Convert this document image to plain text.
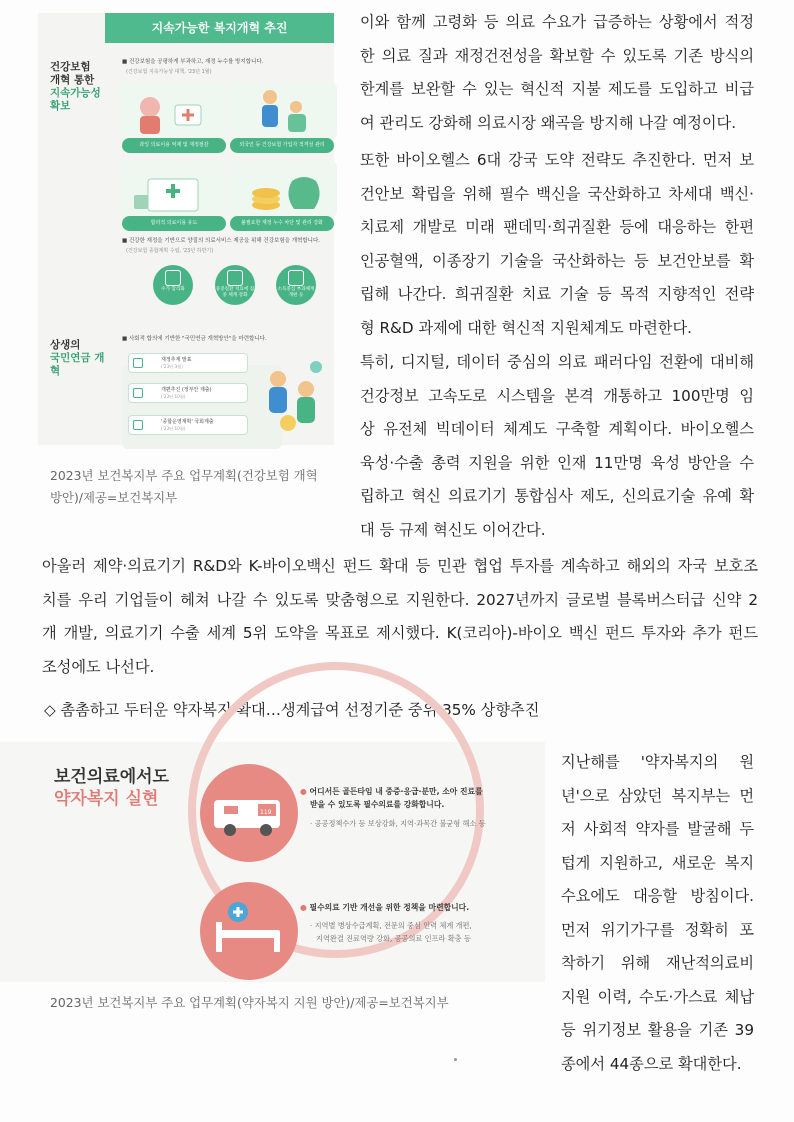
지속가능한 복지개혁 추진
건강보험
개혁 통한
지속가능성 확보
■ 건강보험을 공평하게 부과하고, 재정 누수를 방지합니다.
(건강보험 지속가능성 대책, '23년 1월)
과잉 의료이용 억제 및 재정절감	외국인 등 건강보험 가입자 적격성 관리
합리적 의료이용 유도	불필요한 재정 누수 차단 및 관리 강화
■ 건강한 재정을 기반으로 양질의 의료서비스 제공을 위해 건강보험을 개혁합니다.
(건강보험 종합계획 수립, '23년 하반기)
수가 합리화	중증질환 치료에 집중 체계 강화
소득중심 부과체계 개편 등
상생의
국민연금 개혁
■ 사회적 합의에 기반한 "국민연금 개혁방안"을 마련합니다.
재정추계 발표
('23년 3월)
개편추진 (정부안 제출)
('23년 10월)
'종합운영계획' 국회제출
('23년 10월)
2023년 보건복지부 주요 업무계획(건강보험 개혁
방안)/제공=보건복지부
이와 함께 고령화 등 의료 수요가 급증하는 상황에서 적정
한 의료 질과 재정건전성을 확보할 수 있도록 기존 방식의
한계를 보완할 수 있는 혁신적 지불 제도를 도입하고 비급
여 관리도 강화해 의료시장 왜곡을 방지해 나갈 예정이다.
또한 바이오헬스 6대 강국 도약 전략도 추진한다. 먼저 보
건안보 확립을 위해 필수 백신을 국산화하고 차세대 백신·
치료제 개발로 미래 팬데믹·희귀질환 등에 대응하는 한편
인공혈액, 이종장기 기술을 국산화하는 등 보건안보를 확
립해 나간다. 희귀질환 치료 기술 등 목적 지향적인 전략
형 R&D 과제에 대한 혁신적 지원체계도 마련한다.
특히, 디지털, 데이터 중심의 의료 패러다임 전환에 대비해
건강정보 고속도로 시스템을 본격 개통하고 100만명 임
상 유전체 빅데이터 체계도 구축할 계획이다. 바이오헬스
육성·수출 총력 지원을 위한 인재 11만명 육성 방안을 수
립하고 혁신 의료기기 통합심사 제도, 신의료기술 유예 확
대 등 규제 혁신도 이어간다.
아울러 제약·의료기기 R&D와 K-바이오백신 펀드 확대 등 민관 협업 투자를 계속하고 해외의 자국 보호조
치를 우리 기업들이 헤쳐 나갈 수 있도록 맞춤형으로 지원한다. 2027년까지 글로벌 블록버스터급 신약 2
개 개발, 의료기기 수출 세계 5위 도약을 목표로 제시했다. K(코리아)-바이오 백신 펀드 투자와 추가 펀드
조성에도 나선다.
◇ 촘촘하고 두터운 약자복지 확대…생계급여 선정기준 중위 35% 상향추진
보건의료에서도
약자복지 실현
119
● 어디서든 골든타임 내 중증·응급·분만, 소아 진료를
받을 수 있도록 필수의료를 강화합니다.
· 공공정책수가 등 보상강화, 지역·과목간 불균형 해소 등
● 필수의료 기반 개선을 위한 정책을 마련합니다.
· 지역별 병상수급계획, 전문의 중심 인력 체계 개편,
지역완결 진료역량 강화, 공공의료 인프라 확충 등
2023년 보건복지부 주요 업무계획(약자복지 지원 방안)/제공=보건복지부
지난해를 '약자복지의 원
년'으로 삼았던 복지부는 먼
저 사회적 약자를 발굴해 두
텁게 지원하고, 새로운 복지
수요에도 대응할 방침이다.
먼저 위기가구를 정확히 포
착하기 위해 재난적의료비
지원 이력, 수도·가스료 체납
등 위기정보 활용을 기존 39
종에서 44종으로 확대한다.
